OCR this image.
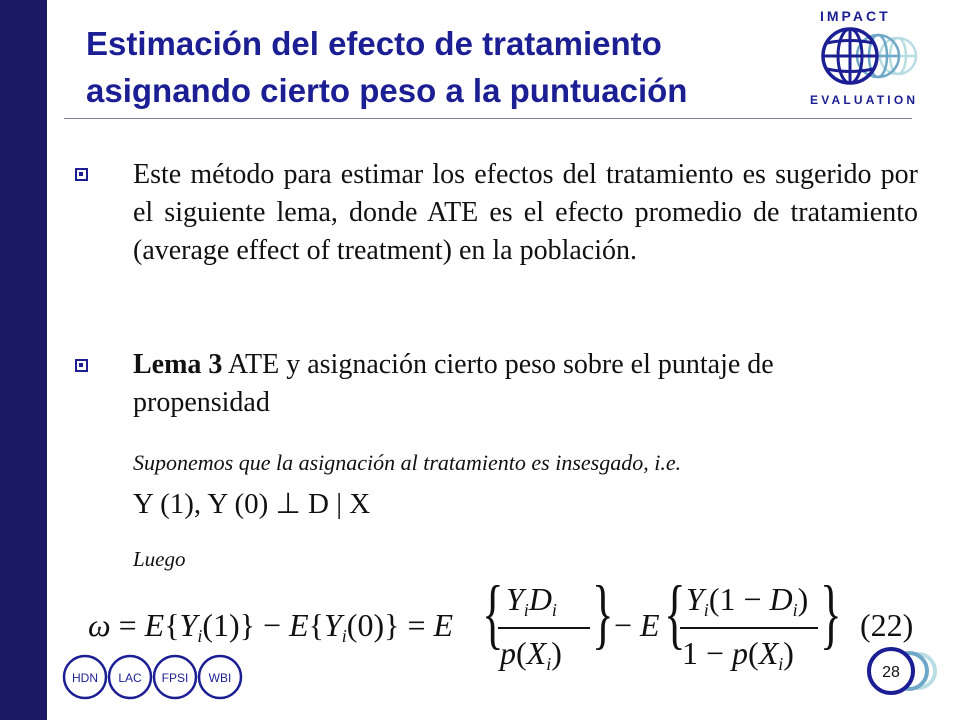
Estimación del efecto de tratamiento
asignando cierto peso a la puntuación
IMPACT
EVALUATION

Este método para estimar los efectos del tratamiento es sugerido por el siguiente lema, donde ATE es el efecto promedio de tratamiento (average effect of treatment) en la población.

Lema 3 ATE y asignación cierto peso sobre el puntaje de propensidad

Suponemos que la asignación al tratamiento es insesgado, i.e.
Y (1), Y (0) ⊥ D | X
Luego
ω = E{Yi(1)} − E{Yi(0)} = E { YiDi
p(Xi) } − E { Yi(1 − Di)
1 − p(Xi) } (22)
HDN LAC FPSI WBI	28
